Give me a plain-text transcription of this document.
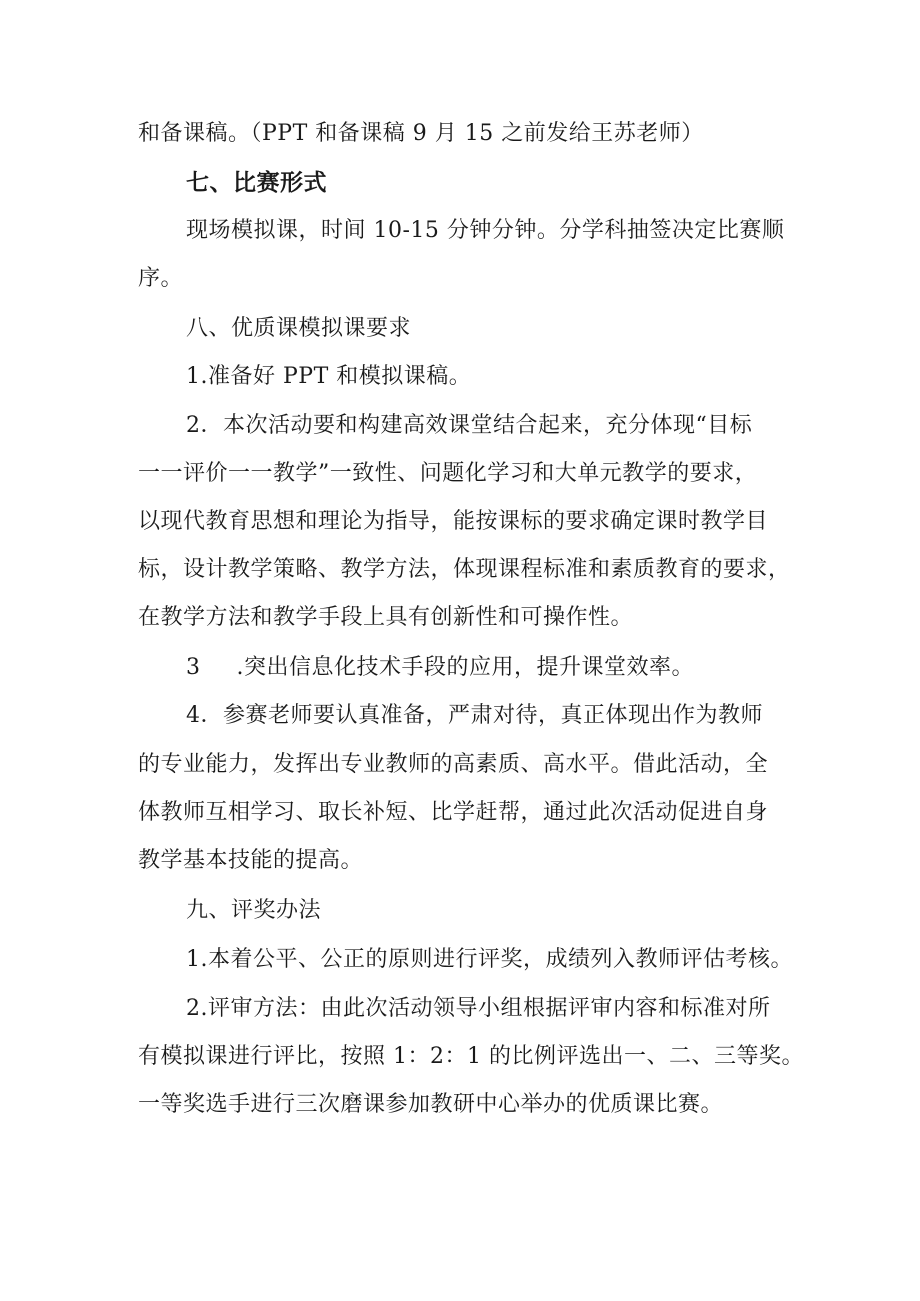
和备课稿。（PPT 和备课稿 9 月 15 之前发给王苏老师）
七、比赛形式
现场模拟课，时间 10-15 分钟分钟。分学科抽签决定比赛顺
序。
八、优质课模拟课要求
1.准备好 PPT 和模拟课稿。
2．本次活动要和构建高效课堂结合起来，充分体现“目标
一一评价一一教学”一致性、问题化学习和大单元教学的要求，
以现代教育思想和理论为指导，能按课标的要求确定课时教学目
标，设计教学策略、教学方法，体现课程标准和素质教育的要求，
在教学方法和教学手段上具有创新性和可操作性。
3 .突出信息化技术手段的应用，提升课堂效率。
4．参赛老师要认真准备，严肃对待，真正体现出作为教师
的专业能力，发挥出专业教师的高素质、高水平。借此活动，全
体教师互相学习、取长补短、比学赶帮，通过此次活动促进自身
教学基本技能的提高。
九、评奖办法
1.本着公平、公正的原则进行评奖，成绩列入教师评估考核。
2.评审方法：由此次活动领导小组根据评审内容和标准对所
有模拟课进行评比，按照 1：2：1 的比例评选出一、二、三等奖。
一等奖选手进行三次磨课参加教研中心举办的优质课比赛。
